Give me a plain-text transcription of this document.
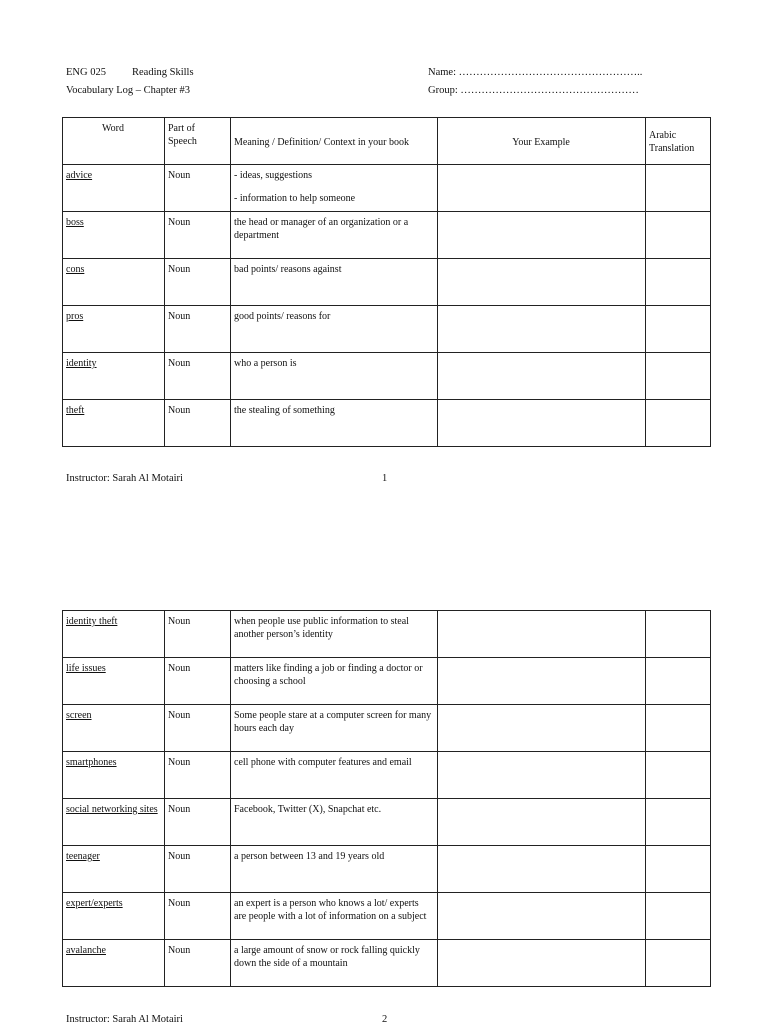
ENG 025 Reading Skills
Vocabulary Log – Chapter #3
Name: ……………………………………………..
Group: ……………………………………………
Word	Part of Speech	Meaning / Definition/ Context in your book	Your Example	Arabic Translation
advice	Noun	- ideas, suggestions
- information to help someone		

boss	Noun	the head or manager of an organization or a department		
cons	Noun	bad points/ reasons against		
pros	Noun	good points/ reasons for		
identity	Noun	who a person is		
theft	Noun	the stealing of something		
Instructor: Sarah Al Motairi	1
identity theft	Noun	when people use public information to steal another person’s identity		
life issues	Noun	matters like finding a job or finding a doctor or choosing a school		
screen	Noun	Some people stare at a computer screen for many hours each day		
smartphones	Noun	cell phone with computer features and email		
social networking sites	Noun	Facebook, Twitter (X), Snapchat etc.		
teenager	Noun	a person between 13 and 19 years old		
expert/experts	Noun	an expert is a person who knows a lot/ experts are people with a lot of information on a subject		
avalanche	Noun	a large amount of snow or rock falling quickly down the side of a mountain		
Instructor: Sarah Al Motairi	2
